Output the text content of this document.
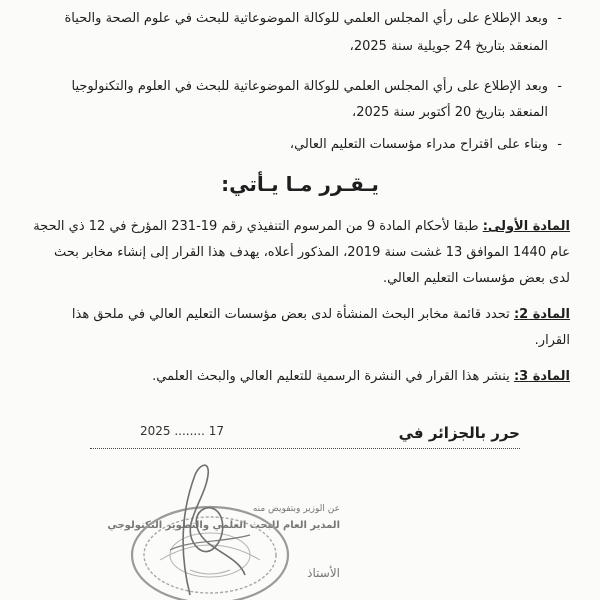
-
وبعد الإطلاع على رأي المجلس العلمي للوكالة الموضوعاتية للبحث في علوم الصحة والحياة
المنعقد بتاريخ 24 جويلية سنة 2025،
-
وبعد الإطلاع على رأي المجلس العلمي للوكالة الموضوعاتية للبحث في العلوم والتكنولوجيا
المنعقد بتاريخ 20 أكتوبر سنة 2025،
-
وبناء على اقتراح مدراء مؤسسات التعليم العالي،
يـقـرر مـا يـأتي:
المادة الأولى: طبقا لأحكام المادة 9 من المرسوم التنفيذي رقم 19-231 المؤرخ في 12 ذي الحجة
عام 1440 الموافق 13 غشت سنة 2019، المذكور أعلاه، يهدف هذا القرار إلى إنشاء مخابر بحث
لدى بعض مؤسسات التعليم العالي.
المادة 2: تحدد قائمة مخابر البحث المنشأة لدى بعض مؤسسات التعليم العالي في ملحق هذا
القرار.
المادة 3: ينشر هذا القرار في النشرة الرسمية للتعليم العالي والبحث العلمي.
حرر بالجزائر في
17 ........ 2025
عن الوزير وبتفويض منه
المدير العام للبحث العلمي والتطوير التكنولوجي
الأستاذ
